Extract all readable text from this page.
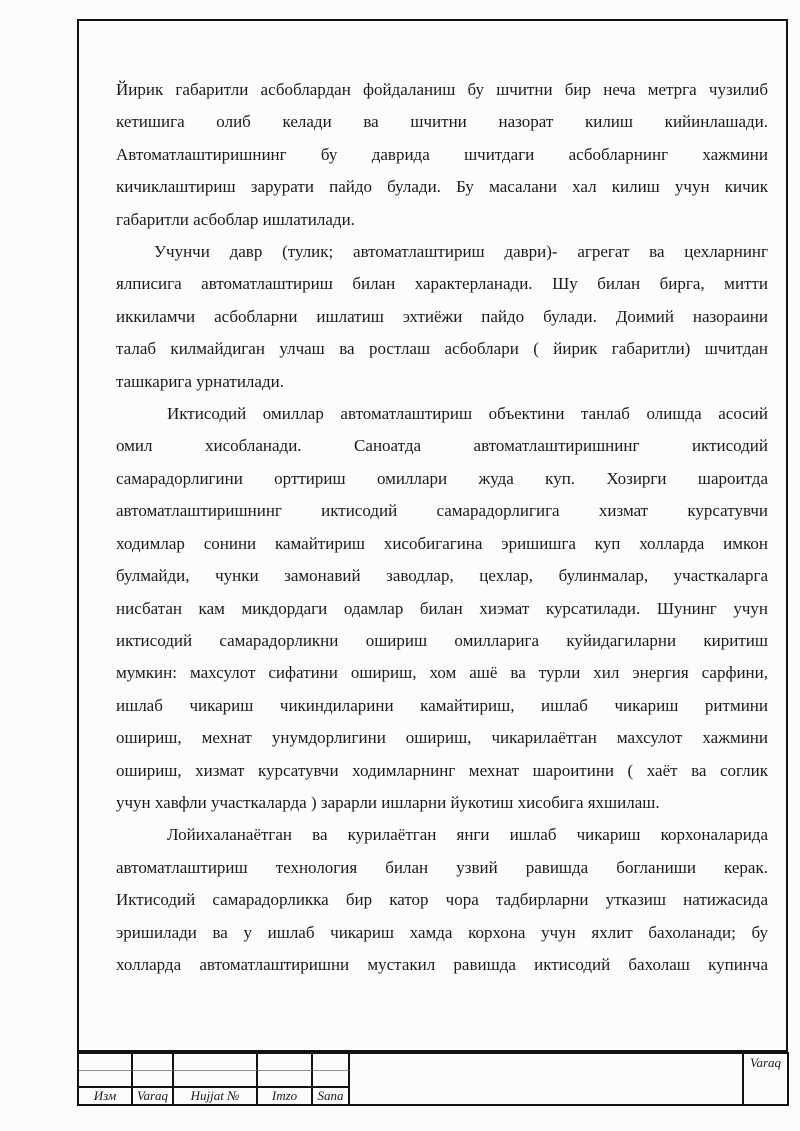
Йирик габаритли асбоблардан фойдаланиш бу шчитни бир неча метрга чузилиб
кетишига олиб келади ва шчитни назорат килиш кийинлашади.
Автоматлаштиришнинг бу даврида шчитдаги асбобларнинг хажмини
кичиклаштириш зарурати пайдо булади. Бу масалани хал килиш учун кичик
габаритли асбоблар ишлатилади.
Учунчи давр (тулик; автоматлаштириш даври)- агрегат ва цехларнинг
ялписига автоматлаштириш билан характерланади. Шу билан бирга, митти
иккиламчи асбобларни ишлатиш эхтиёжи пайдо булади. Доимий назораини
талаб килмайдиган улчаш ва ростлаш асбоблари ( йирик габаритли) шчитдан
ташкарига урнатилади.
Иктисодий омиллар автоматлаштириш объектини танлаб олишда асосий
омил хисобланади. Саноатда автоматлаштиришнинг иктисодий
самарадорлигини орттириш омиллари жуда куп. Хозирги шароитда
автоматлаштиришнинг иктисодий самарадорлигига хизмат курсатувчи
ходимлар сонини камайтириш хисобигагина эришишга куп холларда имкон
булмайди, чунки замонавий заводлар, цехлар, булинмалар, участкаларга
нисбатан кам микдордаги одамлар билан хиэмат курсатилади. Шунинг учун
иктисодий самарадорликни ошириш омилларига куйидагиларни киритиш
мумкин: махсулот сифатини ошириш, хом ашё ва турли хил энергия сарфини,
ишлаб чикариш чикиндиларини камайтириш, ишлаб чикариш ритмини
ошириш, мехнат унумдорлигини ошириш, чикарилаётган махсулот хажмини
ошириш, хизмат курсатувчи ходимларнинг мехнат шароитини ( хаёт ва соглик
учун хавфли участкаларда ) зарарли ишларни йукотиш хисобига яхшилаш.
Лойихаланаётган ва курилаётган янги ишлаб чикариш корхоналарида
автоматлаштириш технология билан узвий равишда богланиши керак.
Иктисодий самарадорликка бир катор чора тадбирларни утказиш натижасида
эришилади ва у ишлаб чикариш хамда корхона учун яхлит бахоланади; бу
холларда автоматлаштиришни мустакил равишда иктисодий бахолаш купинча
Изм	Varaq	Hujjat №	Imzo	Sana
Varaq
